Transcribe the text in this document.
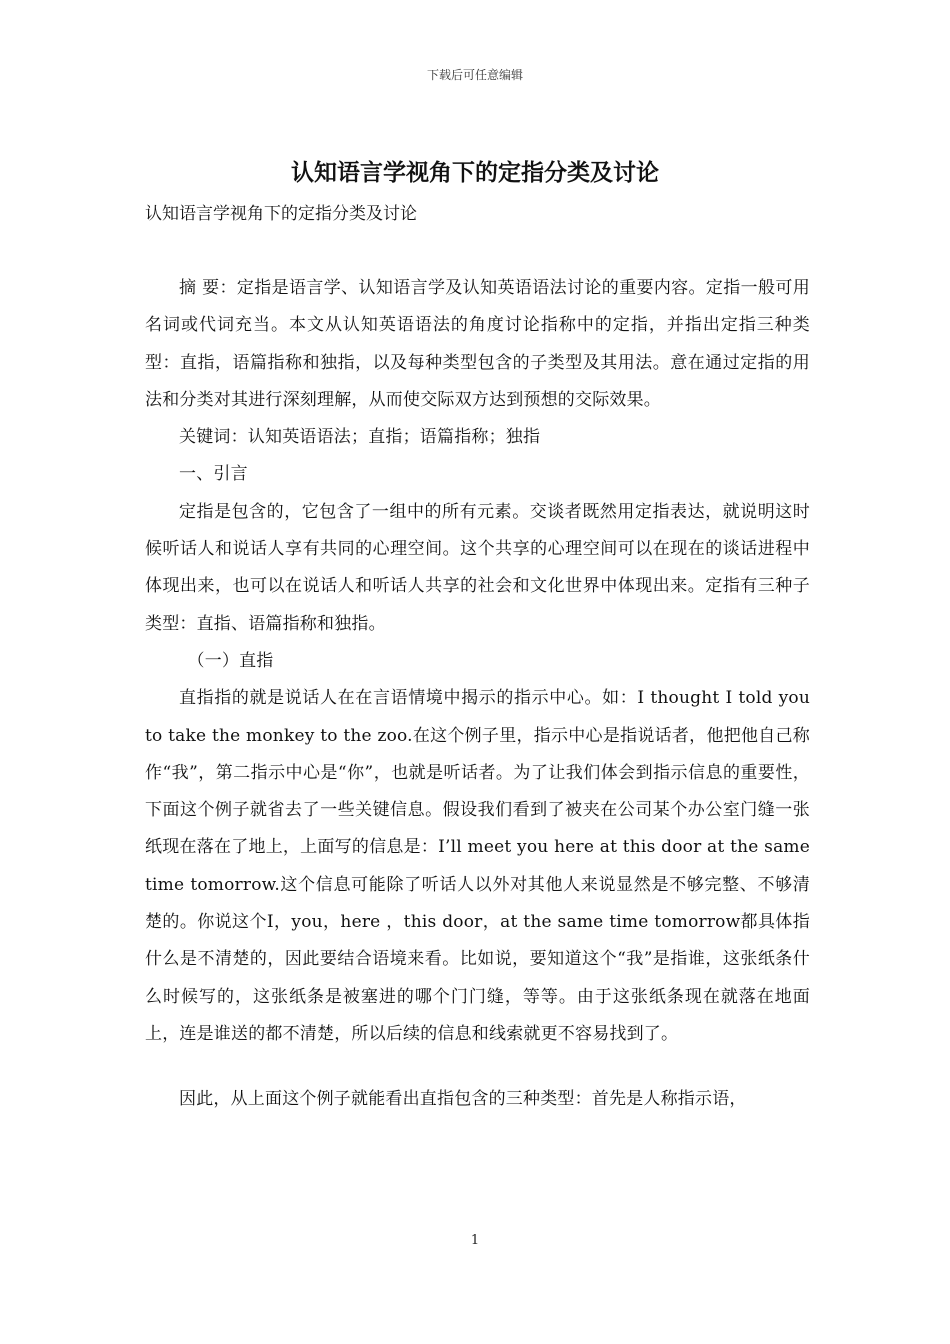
下载后可任意编辑
认知语言学视角下的定指分类及讨论
认知语言学视角下的定指分类及讨论

摘 要：定指是语言学、认知语言学及认知英语语法讨论的重要内容。定指一般可用名词或代词充当。本文从认知英语语法的角度讨论指称中的定指，并指出定指三种类型：直指，语篇指称和独指，以及每种类型包含的子类型及其用法。意在通过定指的用法和分类对其进行深刻理解，从而使交际双方达到预想的交际效果。

关键词：认知英语语法；直指；语篇指称；独指

一、引言

定指是包含的，它包含了一组中的所有元素。交谈者既然用定指表达，就说明这时候听话人和说话人享有共同的心理空间。这个共享的心理空间可以在现在的谈话进程中体现出来，也可以在说话人和听话人共享的社会和文化世界中体现出来。定指有三种子类型：直指、语篇指称和独指。

（一）直指

直指指的就是说话人在在言语情境中揭示的指示中心。如：I thought I told you to take the monkey to the zoo.在这个例子里，指示中心是指说话者，他把他自己称作“我”，第二指示中心是“你”，也就是听话者。为了让我们体会到指示信息的重要性，下面这个例子就省去了一些关键信息。假设我们看到了被夹在公司某个办公室门缝一张纸现在落在了地上，上面写的信息是：I’ll meet you here at this door at the same time tomorrow.这个信息可能除了听话人以外对其他人来说显然是不够完整、不够清楚的。你说这个I，you，here ，this door，at the same time tomorrow都具体指什么是不清楚的，因此要结合语境来看。比如说，要知道这个“我”是指谁，这张纸条什么时候写的，这张纸条是被塞进的哪个门门缝，等等。由于这张纸条现在就落在地面上，连是谁送的都不清楚，所以后续的信息和线索就更不容易找到了。

因此，从上面这个例子就能看出直指包含的三种类型：首先是人称指示语，

1
